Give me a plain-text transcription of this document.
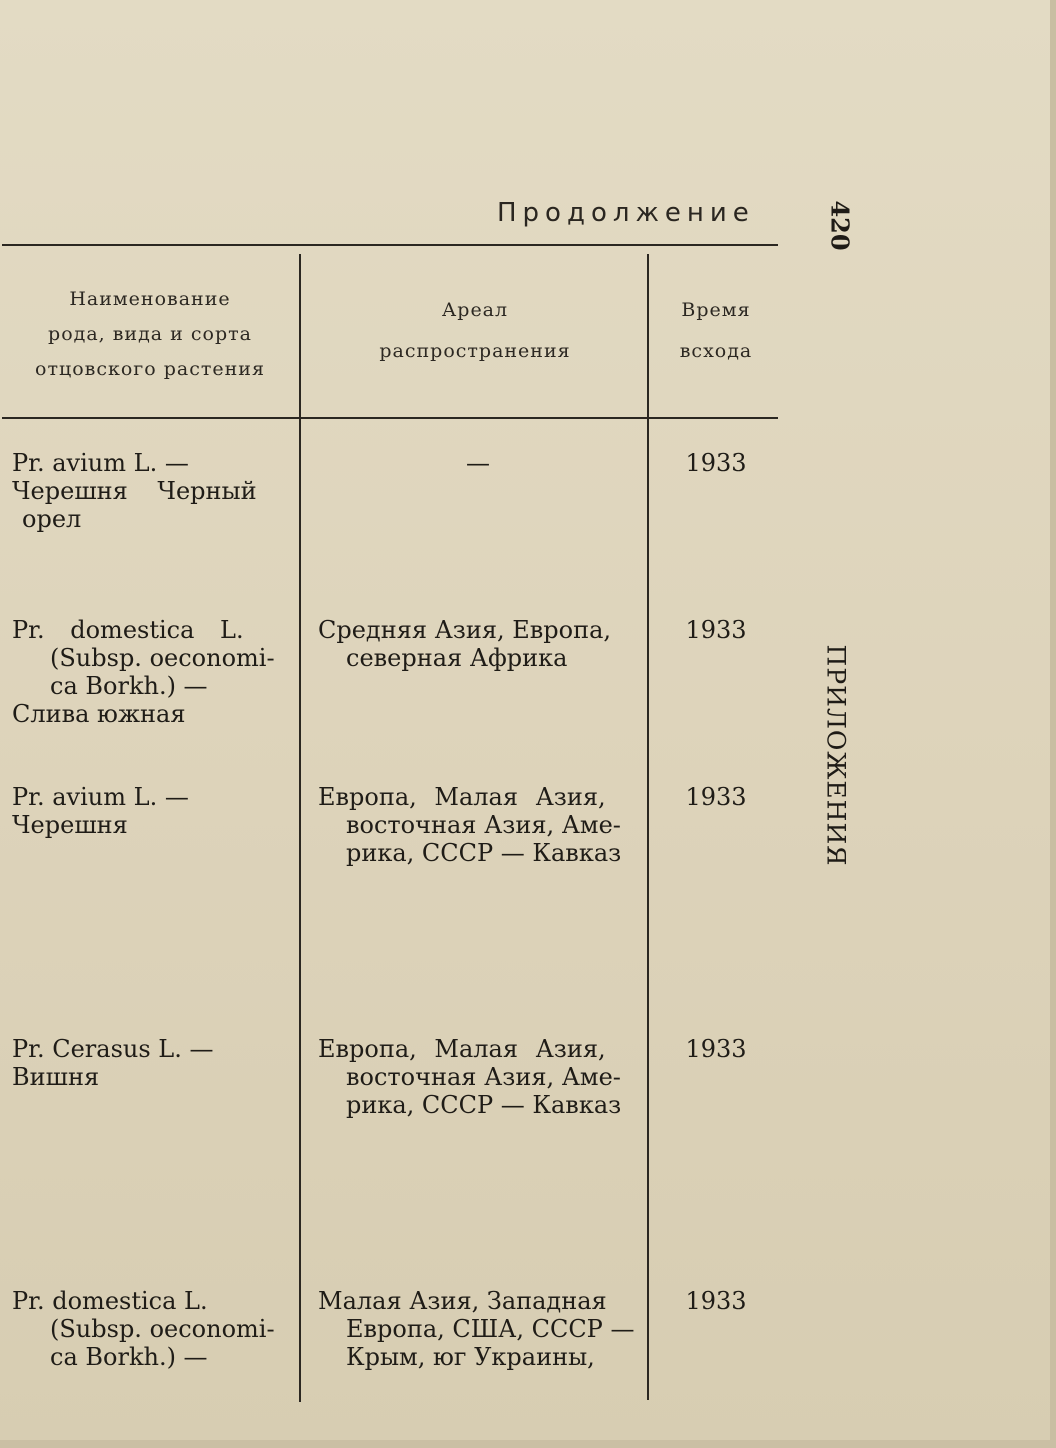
Продолжение	420
ПРИЛОЖЕНИЯ
Наименование
рода, вида и сорта
отцовского растения
Ареал
распространения
Время
всхода
Pr. avium L. —
Черешня Черный
орел
—	1933
Pr. domestica L.
(Subsp. oeconomi-
ca Borkh.) —
Слива южная
Средняя Азия, Европа,
северная Африка
1933
Pr. avium L. —
Черешня
Европа, Малая Азия,
восточная Азия, Аме-
рика, СССР — Кавказ
1933
Pr. Cerasus L. —
Вишня
Европа, Малая Азия,
восточная Азия, Аме-
рика, СССР — Кавказ
1933
Pr. domestica L.
(Subsp. oeconomi-
ca Borkh.) —
Малая Азия, Западная
Европа, США, СССР —
Крым, юг Украины,
1933
